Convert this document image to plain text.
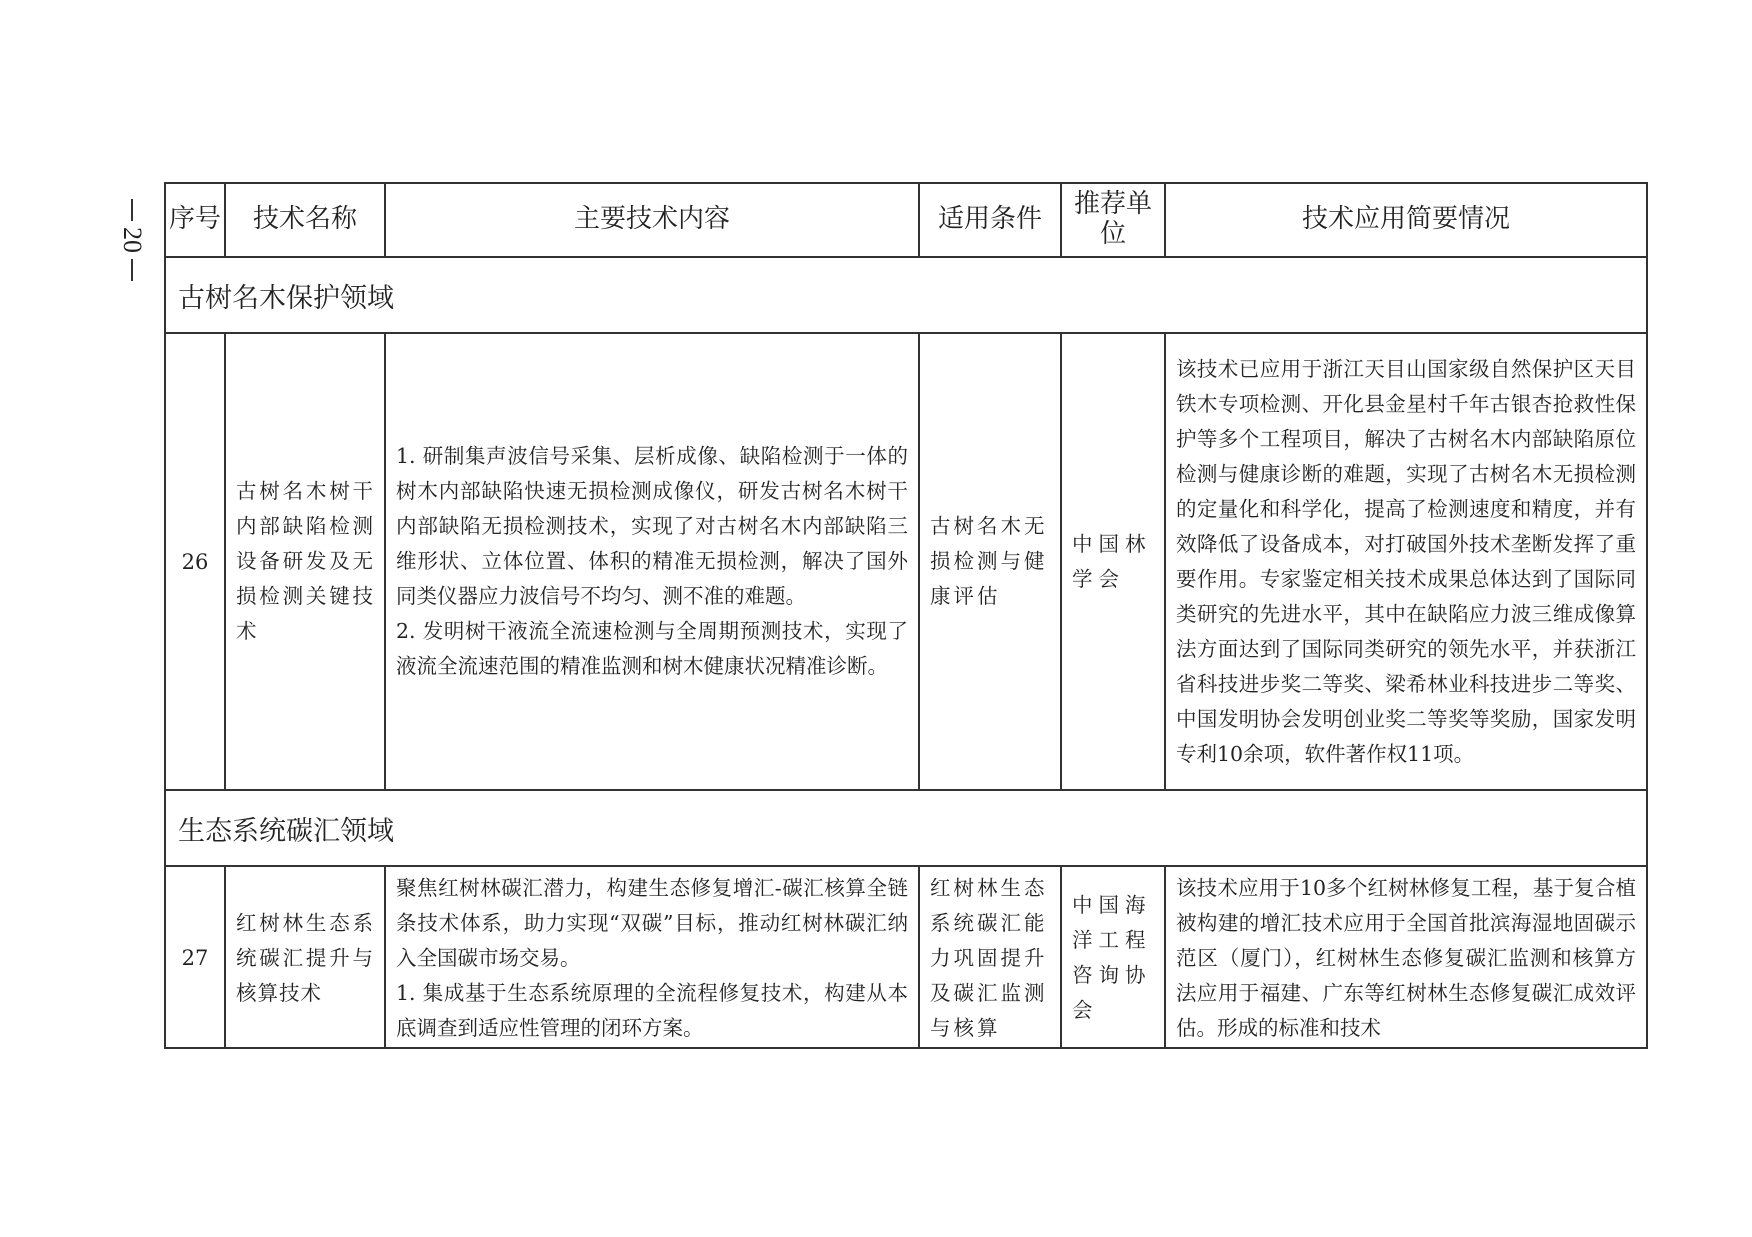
20
序号	技术名称	主要技术内容	适用条件	推荐单位	技术应用简要情况
古树名木保护领域					
26	古树名木树干内部缺陷检测设备研发及无损检测关键技术	1. 研制集声波信号采集、层析成像、缺陷检测于一体的树木内部缺陷快速无损检测成像仪，研发古树名木树干内部缺陷无损检测技术，实现了对古树名木内部缺陷三维形状、立体位置、体积的精准无损检测，解决了国外同类仪器应力波信号不均匀、测不准的难题。
2. 发明树干液流全流速检测与全周期预测技术，实现了液流全流速范围的精准监测和树木健康状况精准诊断。	古树名木无损检测与健康评估	中国林学会	该技术已应用于浙江天目山国家级自然保护区天目铁木专项检测、开化县金星村千年古银杏抢救性保护等多个工程项目，解决了古树名木内部缺陷原位检测与健康诊断的难题，实现了古树名木无损检测的定量化和科学化，提高了检测速度和精度，并有效降低了设备成本，对打破国外技术垄断发挥了重要作用。专家鉴定相关技术成果总体达到了国际同类研究的先进水平，其中在缺陷应力波三维成像算法方面达到了国际同类研究的领先水平，并获浙江省科技进步奖二等奖、梁希林业科技进步二等奖、中国发明协会发明创业奖二等奖等奖励，国家发明专利10余项，软件著作权11项。
生态系统碳汇领域					
27	红树林生态系统碳汇提升与核算技术	聚焦红树林碳汇潜力，构建生态修复增汇-碳汇核算全链条技术体系，助力实现“双碳”目标，推动红树林碳汇纳入全国碳市场交易。
1. 集成基于生态系统原理的全流程修复技术，构建从本底调查到适应性管理的闭环方案。	红树林生态系统碳汇能力巩固提升及碳汇监测与核算	中国海洋工程咨询协会	该技术应用于10多个红树林修复工程，基于复合植被构建的增汇技术应用于全国首批滨海湿地固碳示范区（厦门），红树林生态修复碳汇监测和核算方法应用于福建、广东等红树林生态修复碳汇成效评估。形成的标准和技术
